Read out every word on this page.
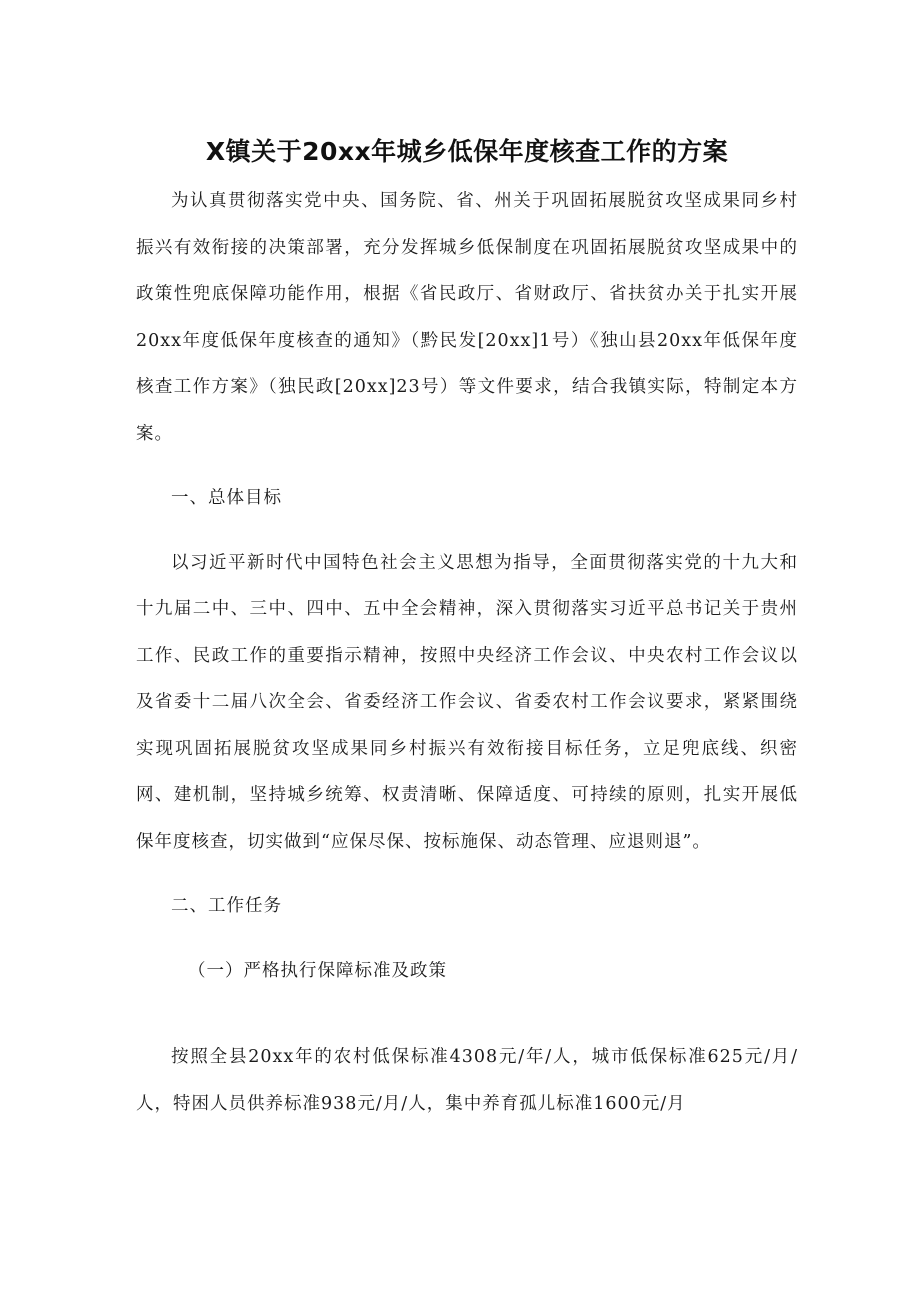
X镇关于20xx年城乡低保年度核查工作的方案

为认真贯彻落实党中央、国务院、省、州关于巩固拓展脱贫攻坚成果同乡村振兴有效衔接的决策部署，充分发挥城乡低保制度在巩固拓展脱贫攻坚成果中的政策性兜底保障功能作用，根据《省民政厅、省财政厅、省扶贫办关于扎实开展20xx年度低保年度核查的通知》（黔民发[20xx]1号）《独山县20xx年低保年度核查工作方案》（独民政[20xx]23号）等文件要求，结合我镇实际，特制定本方案。

一、总体目标

以习近平新时代中国特色社会主义思想为指导，全面贯彻落实党的十九大和十九届二中、三中、四中、五中全会精神，深入贯彻落实习近平总书记关于贵州工作、民政工作的重要指示精神，按照中央经济工作会议、中央农村工作会议以及省委十二届八次全会、省委经济工作会议、省委农村工作会议要求，紧紧围绕实现巩固拓展脱贫攻坚成果同乡村振兴有效衔接目标任务，立足兜底线、织密网、建机制，坚持城乡统筹、权责清晰、保障适度、可持续的原则，扎实开展低保年度核查，切实做到“应保尽保、按标施保、动态管理、应退则退”。

二、工作任务

（一）严格执行保障标准及政策

按照全县20xx年的农村低保标准4308元/年/人，城市低保标准625元/月/人，特困人员供养标准938元/月/人，集中养育孤儿标准1600元/月
